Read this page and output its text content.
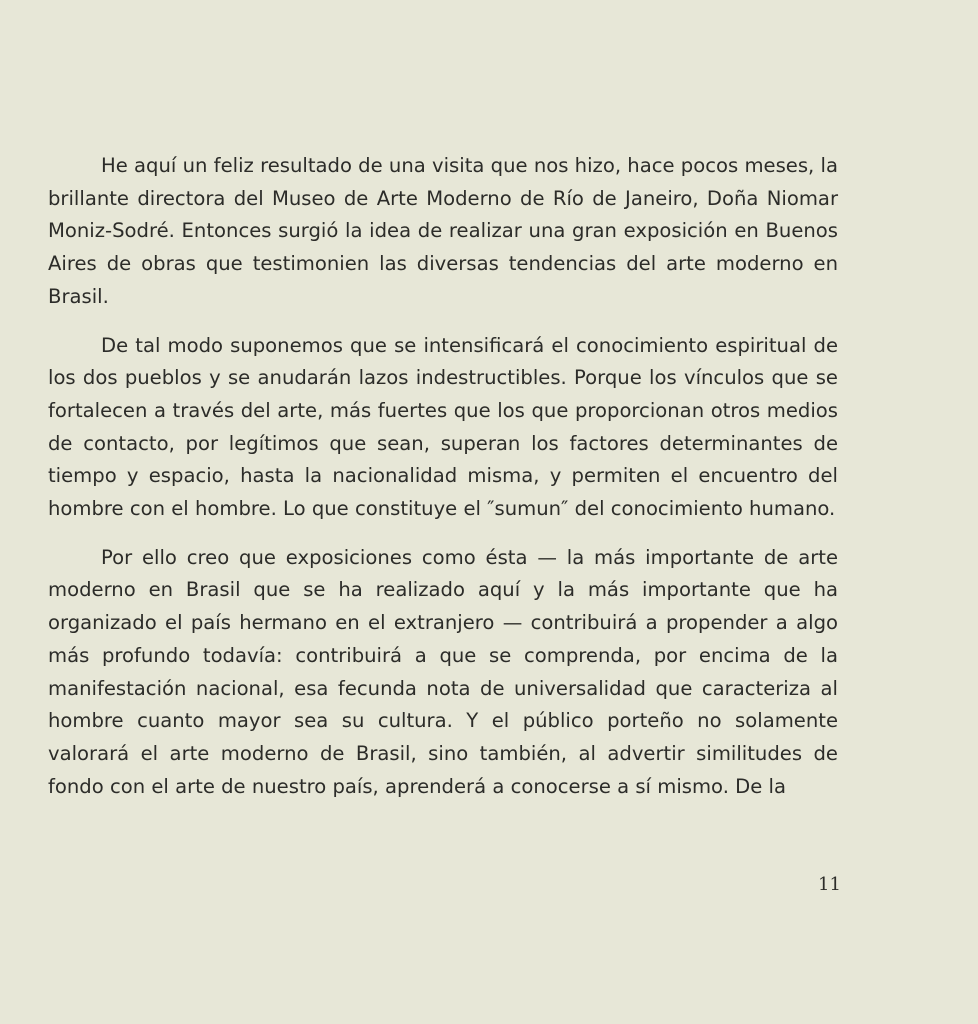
He aquí un feliz resultado de una visita que nos hizo, hace pocos meses, la brillante directora del Museo de Arte Moderno de Río de Janeiro, Doña Niomar Moniz-Sodré. Entonces surgió la idea de realizar una gran exposición en Buenos Aires de obras que testimonien las diversas tendencias del arte moderno en Brasil.

De tal modo suponemos que se intensificará el conocimiento espiritual de los dos pueblos y se anudarán lazos indestructibles. Porque los vínculos que se fortalecen a través del arte, más fuertes que los que proporcionan otros medios de contacto, por legítimos que sean, superan los factores determinantes de tiempo y espacio, hasta la nacionalidad misma, y permiten el encuentro del hombre con el hombre. Lo que constituye el ″sumun″ del conocimiento humano.

Por ello creo que exposiciones como ésta — la más importante de arte moderno en Brasil que se ha realizado aquí y la más importante que ha organizado el país hermano en el extranjero — contribuirá a propender a algo más profundo todavía: contribuirá a que se comprenda, por encima de la manifestación nacional, esa fecunda nota de universalidad que caracteriza al hombre cuanto mayor sea su cultura. Y el público porteño no solamente valorará el arte moderno de Brasil, sino también, al advertir similitudes de fondo con el arte de nuestro país, aprenderá a conocerse a sí mismo. De la

11
